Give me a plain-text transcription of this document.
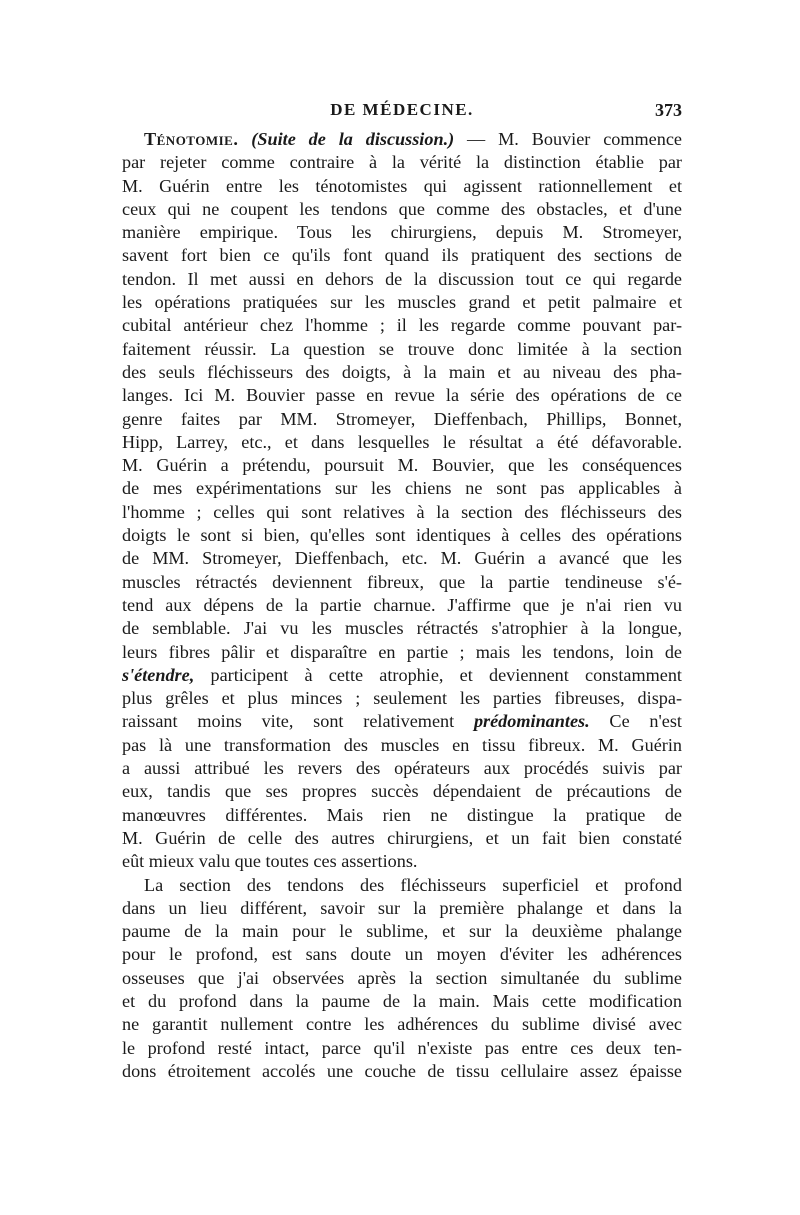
DE MÉDECINE.	373
Ténotomie. (Suite de la discussion.) — M. Bouvier commence
par rejeter comme contraire à la vérité la distinction établie par
M. Guérin entre les ténotomistes qui agissent rationnellement et
ceux qui ne coupent les tendons que comme des obstacles, et d'une
manière empirique. Tous les chirurgiens, depuis M. Stromeyer,
savent fort bien ce qu'ils font quand ils pratiquent des sections de
tendon. Il met aussi en dehors de la discussion tout ce qui regarde
les opérations pratiquées sur les muscles grand et petit palmaire et
cubital antérieur chez l'homme ; il les regarde comme pouvant par-
faitement réussir. La question se trouve donc limitée à la section
des seuls fléchisseurs des doigts, à la main et au niveau des pha-
langes. Ici M. Bouvier passe en revue la série des opérations de ce
genre faites par MM. Stromeyer, Dieffenbach, Phillips, Bonnet,
Hipp, Larrey, etc., et dans lesquelles le résultat a été défavorable.
M. Guérin a prétendu, poursuit M. Bouvier, que les conséquences
de mes expérimentations sur les chiens ne sont pas applicables à
l'homme ; celles qui sont relatives à la section des fléchisseurs des
doigts le sont si bien, qu'elles sont identiques à celles des opérations
de MM. Stromeyer, Dieffenbach, etc. M. Guérin a avancé que les
muscles rétractés deviennent fibreux, que la partie tendineuse s'é-
tend aux dépens de la partie charnue. J'affirme que je n'ai rien vu
de semblable. J'ai vu les muscles rétractés s'atrophier à la longue,
leurs fibres pâlir et disparaître en partie ; mais les tendons, loin de
s'étendre, participent à cette atrophie, et deviennent constamment
plus grêles et plus minces ; seulement les parties fibreuses, dispa-
raissant moins vite, sont relativement prédominantes. Ce n'est
pas là une transformation des muscles en tissu fibreux. M. Guérin
a aussi attribué les revers des opérateurs aux procédés suivis par
eux, tandis que ses propres succès dépendaient de précautions de
manœuvres différentes. Mais rien ne distingue la pratique de
M. Guérin de celle des autres chirurgiens, et un fait bien constaté
eût mieux valu que toutes ces assertions.
La section des tendons des fléchisseurs superficiel et profond
dans un lieu différent, savoir sur la première phalange et dans la
paume de la main pour le sublime, et sur la deuxième phalange
pour le profond, est sans doute un moyen d'éviter les adhérences
osseuses que j'ai observées après la section simultanée du sublime
et du profond dans la paume de la main. Mais cette modification
ne garantit nullement contre les adhérences du sublime divisé avec
le profond resté intact, parce qu'il n'existe pas entre ces deux ten-
dons étroitement accolés une couche de tissu cellulaire assez épaisse
